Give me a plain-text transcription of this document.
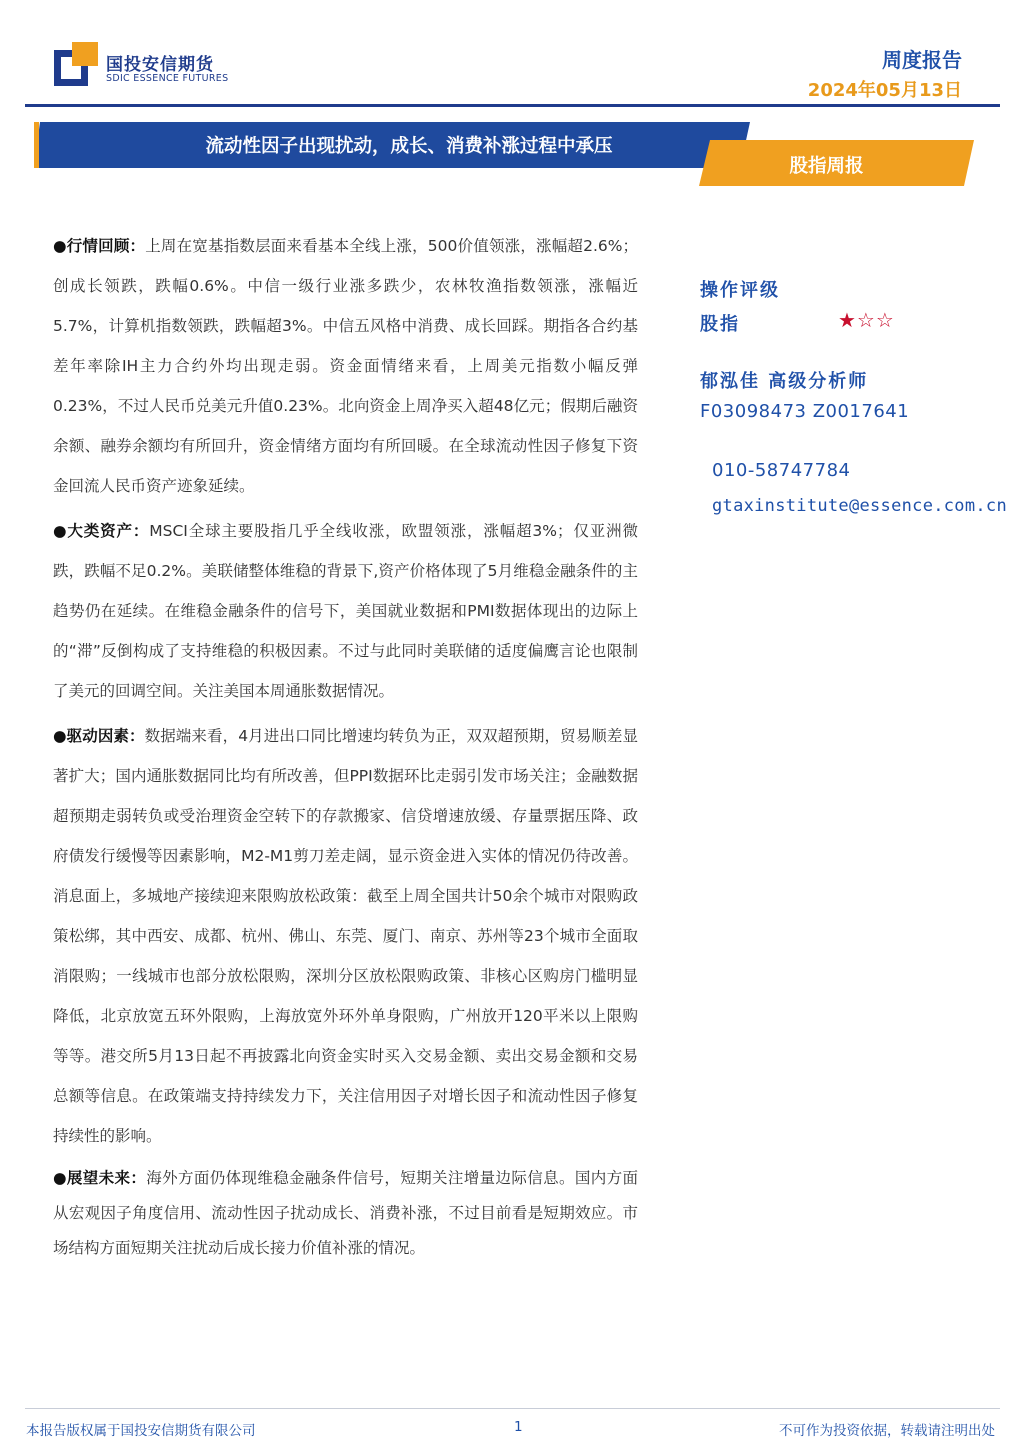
国投安信期货
SDIC ESSENCE FUTURES
周度报告
2024年05月13日
流动性因子出现扰动，成长、消费补涨过程中承压
股指周报

●行情回顾：上周在宽基指数层面来看基本全线上涨，500价值领涨，涨幅超2.6%；创成长领跌，跌幅0.6%。中信一级行业涨多跌少，农林牧渔指数领涨，涨幅近5.7%，计算机指数领跌，跌幅超3%。中信五风格中消费、成长回踩。期指各合约基差年率除IH主力合约外均出现走弱。资金面情绪来看，上周美元指数小幅反弹0.23%，不过人民币兑美元升值0.23%。北向资金上周净买入超48亿元；假期后融资余额、融券余额均有所回升，资金情绪方面均有所回暖。在全球流动性因子修复下资金回流人民币资产迹象延续。

●大类资产：MSCI全球主要股指几乎全线收涨，欧盟领涨，涨幅超3%；仅亚洲微跌，跌幅不足0.2%。美联储整体维稳的背景下,资产价格体现了5月维稳金融条件的主趋势仍在延续。在维稳金融条件的信号下，美国就业数据和PMI数据体现出的边际上的“滞”反倒构成了支持维稳的积极因素。不过与此同时美联储的适度偏鹰言论也限制了美元的回调空间。关注美国本周通胀数据情况。

●驱动因素：数据端来看，4月进出口同比增速均转负为正，双双超预期，贸易顺差显著扩大；国内通胀数据同比均有所改善，但PPI数据环比走弱引发市场关注；金融数据超预期走弱转负或受治理资金空转下的存款搬家、信贷增速放缓、存量票据压降、政府债发行缓慢等因素影响，M2-M1剪刀差走阔，显示资金进入实体的情况仍待改善。消息面上，多城地产接续迎来限购放松政策：截至上周全国共计50余个城市对限购政策松绑，其中西安、成都、杭州、佛山、东莞、厦门、南京、苏州等23个城市全面取消限购；一线城市也部分放松限购，深圳分区放松限购政策、非核心区购房门槛明显降低，北京放宽五环外限购，上海放宽外环外单身限购，广州放开120平米以上限购等等。港交所5月13日起不再披露北向资金实时买入交易金额、卖出交易金额和交易总额等信息。在政策端支持持续发力下，关注信用因子对增长因子和流动性因子修复持续性的影响。

●展望未来：海外方面仍体现维稳金融条件信号，短期关注增量边际信息。国内方面从宏观因子角度信用、流动性因子扰动成长、消费补涨，不过目前看是短期效应。市场结构方面短期关注扰动后成长接力价值补涨的情况。

操作评级
股指	★☆☆
郁泓佳 高级分析师
F03098473 Z0017641
010-58747784
gtaxinstitute@essence.com.cn
本报告版权属于国投安信期货有限公司	1	不可作为投资依据，转载请注明出处
